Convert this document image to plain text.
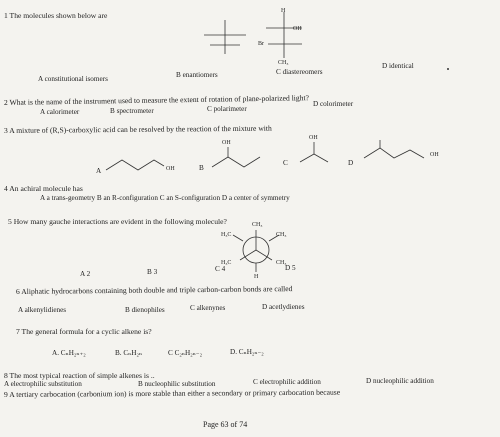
1 The molecules shown below are	H
OH
Br
CH₃
A constitutional isomers	B enantiomers	C diastereomers
D identical
2 What is the name of the instrument used to measure the extent of rotation of plane-polarized light?
A calorimeter	B spectrometer	C polarimeter
D colorimeter
3 A mixture of (R,S)-carboxylic acid can be resolved by the reaction of the mixture with
A	OH	B
OH
C
OH
D
OH
4 An achiral molecule has
A a trans-geometry B an R-configuration C an S-configuration D a center of symmetry
5 How many gauche interactions are evident in the following molecule?	CH₃
H₃C	CH₃
H₃C	CH₃
H
A 2	B 3	C 4	D 5
6 Aliphatic hydrocarbons containing both double and triple carbon-carbon bonds are called
A alkenylidienes	B dienophiles	C alkenynes	D acetlydienes
7 The general formula for a cyclic alkene is?
A. CₙH₂ₙ₊₂	B. CₙH₂ₙ	C C₂ₙH₂ₙ₋₂	D. CₙH₂ₙ₋₂
8 The most typical reaction of simple alkenes is ..
A electrophilic substitution	B nucleophilic substitution	C electrophilic addition	D nucleophilic addition
9 A tertiary carbocation (carbonium ion) is more stable than either a secondary or primary carbocation because
Page 63 of 74
